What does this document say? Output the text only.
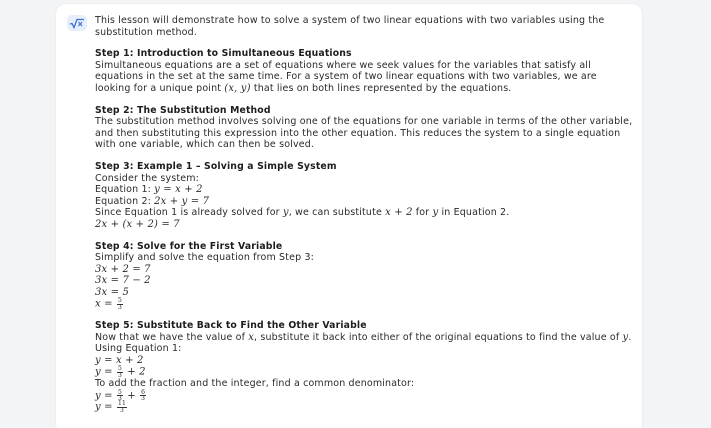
This lesson will demonstrate how to solve a system of two linear equations with two variables using the substitution method.

Step 1: Introduction to Simultaneous Equations

Simultaneous equations are a set of equations where we seek values for the variables that satisfy all equations in the set at the same time. For a system of two linear equations with two variables, we are looking for a unique point (x, y) that lies on both lines represented by the equations.

Step 2: The Substitution Method

The substitution method involves solving one of the equations for one variable in terms of the other variable, and then substituting this expression into the other equation. This reduces the system to a single equation with one variable, which can then be solved.

Step 3: Example 1 – Solving a Simple System

Consider the system:

Equation 1: y = x + 2

Equation 2: 2x + y = 7

Since Equation 1 is already solved for y, we can substitute x + 2 for y in Equation 2.

2x + (x + 2) = 7
Step 4: Solve for the First Variable

Simplify and solve the equation from Step 3:

3x + 2 = 7
3x = 7 − 2
3x = 5
$x = \frac{5}{3}$
Step 5: Substitute Back to Find the Other Variable

Now that we have the value of x, substitute it back into either of the original equations to find the value of y. Using Equation 1:

y = x + 2
$y = \frac{5}{3} + 2$

To add the fraction and the integer, find a common denominator:

$y = \frac{5}{3} + \frac{6}{3}$
$y = \frac{11}{3}$
